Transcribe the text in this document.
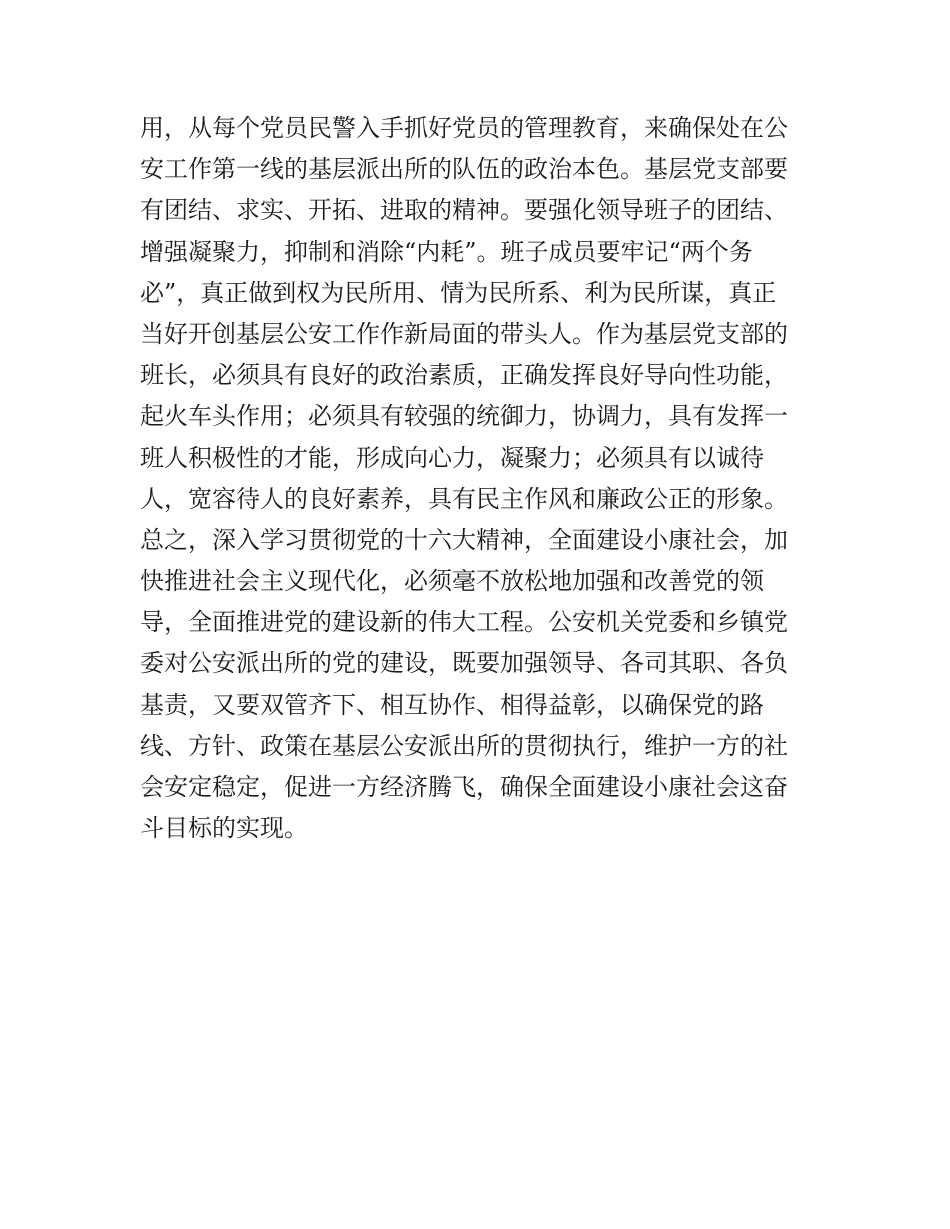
用，从每个党员民警入手抓好党员的管理教育，来确保处在公
安工作第一线的基层派出所的队伍的政治本色。基层党支部要
有团结、求实、开拓、进取的精神。要强化领导班子的团结、
增强凝聚力，抑制和消除“内耗”。班子成员要牢记“两个务
必”，真正做到权为民所用、情为民所系、利为民所谋，真正
当好开创基层公安工作作新局面的带头人。作为基层党支部的
班长，必须具有良好的政治素质，正确发挥良好导向性功能，
起火车头作用；必须具有较强的统御力，协调力，具有发挥一
班人积极性的才能，形成向心力，凝聚力；必须具有以诚待
人，宽容待人的良好素养，具有民主作风和廉政公正的形象。
总之，深入学习贯彻党的十六大精神，全面建设小康社会，加
快推进社会主义现代化，必须毫不放松地加强和改善党的领
导，全面推进党的建设新的伟大工程。公安机关党委和乡镇党
委对公安派出所的党的建设，既要加强领导、各司其职、各负
基责，又要双管齐下、相互协作、相得益彰，以确保党的路
线、方针、政策在基层公安派出所的贯彻执行，维护一方的社
会安定稳定，促进一方经济腾飞，确保全面建设小康社会这奋
斗目标的实现。
